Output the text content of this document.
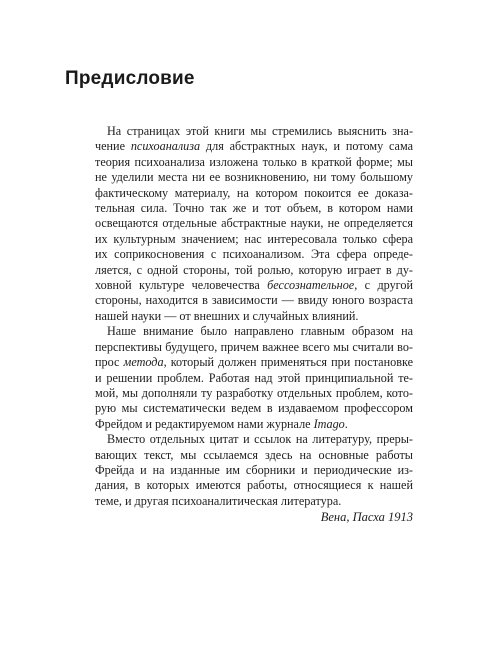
Предисловие
На страницах этой книги мы стремились выяснить зна-
чение психоанализа для абстрактных наук, и потому сама
теория психоанализа изложена только в краткой форме; мы
не уделили места ни ее возникновению, ни тому большому
фактическому материалу, на котором покоится ее доказа-
тельная сила. Точно так же и тот объем, в котором нами
освещаются отдельные абстрактные науки, не определяется
их культурным значением; нас интересовала только сфера
их соприкосновения с психоанализом. Эта сфера опреде-
ляется, с одной стороны, той ролью, которую играет в ду-
ховной культуре человечества бессознательное, с другой
стороны, находится в зависимости — ввиду юного возраста
нашей науки — от внешних и случайных влияний.
Наше внимание было направлено главным образом на
перспективы будущего, причем важнее всего мы считали во-
прос метода, который должен применяться при постановке
и решении проблем. Работая над этой принципиальной те-
мой, мы дополняли ту разработку отдельных проблем, кото-
рую мы систематически ведем в издаваемом профессором
Фрейдом и редактируемом нами журнале Imago.
Вместо отдельных цитат и ссылок на литературу, преры-
вающих текст, мы ссылаемся здесь на основные работы
Фрейда и на изданные им сборники и периодические из-
дания, в которых имеются работы, относящиеся к нашей
теме, и другая психоаналитическая литература.
Вена, Пасха 1913
